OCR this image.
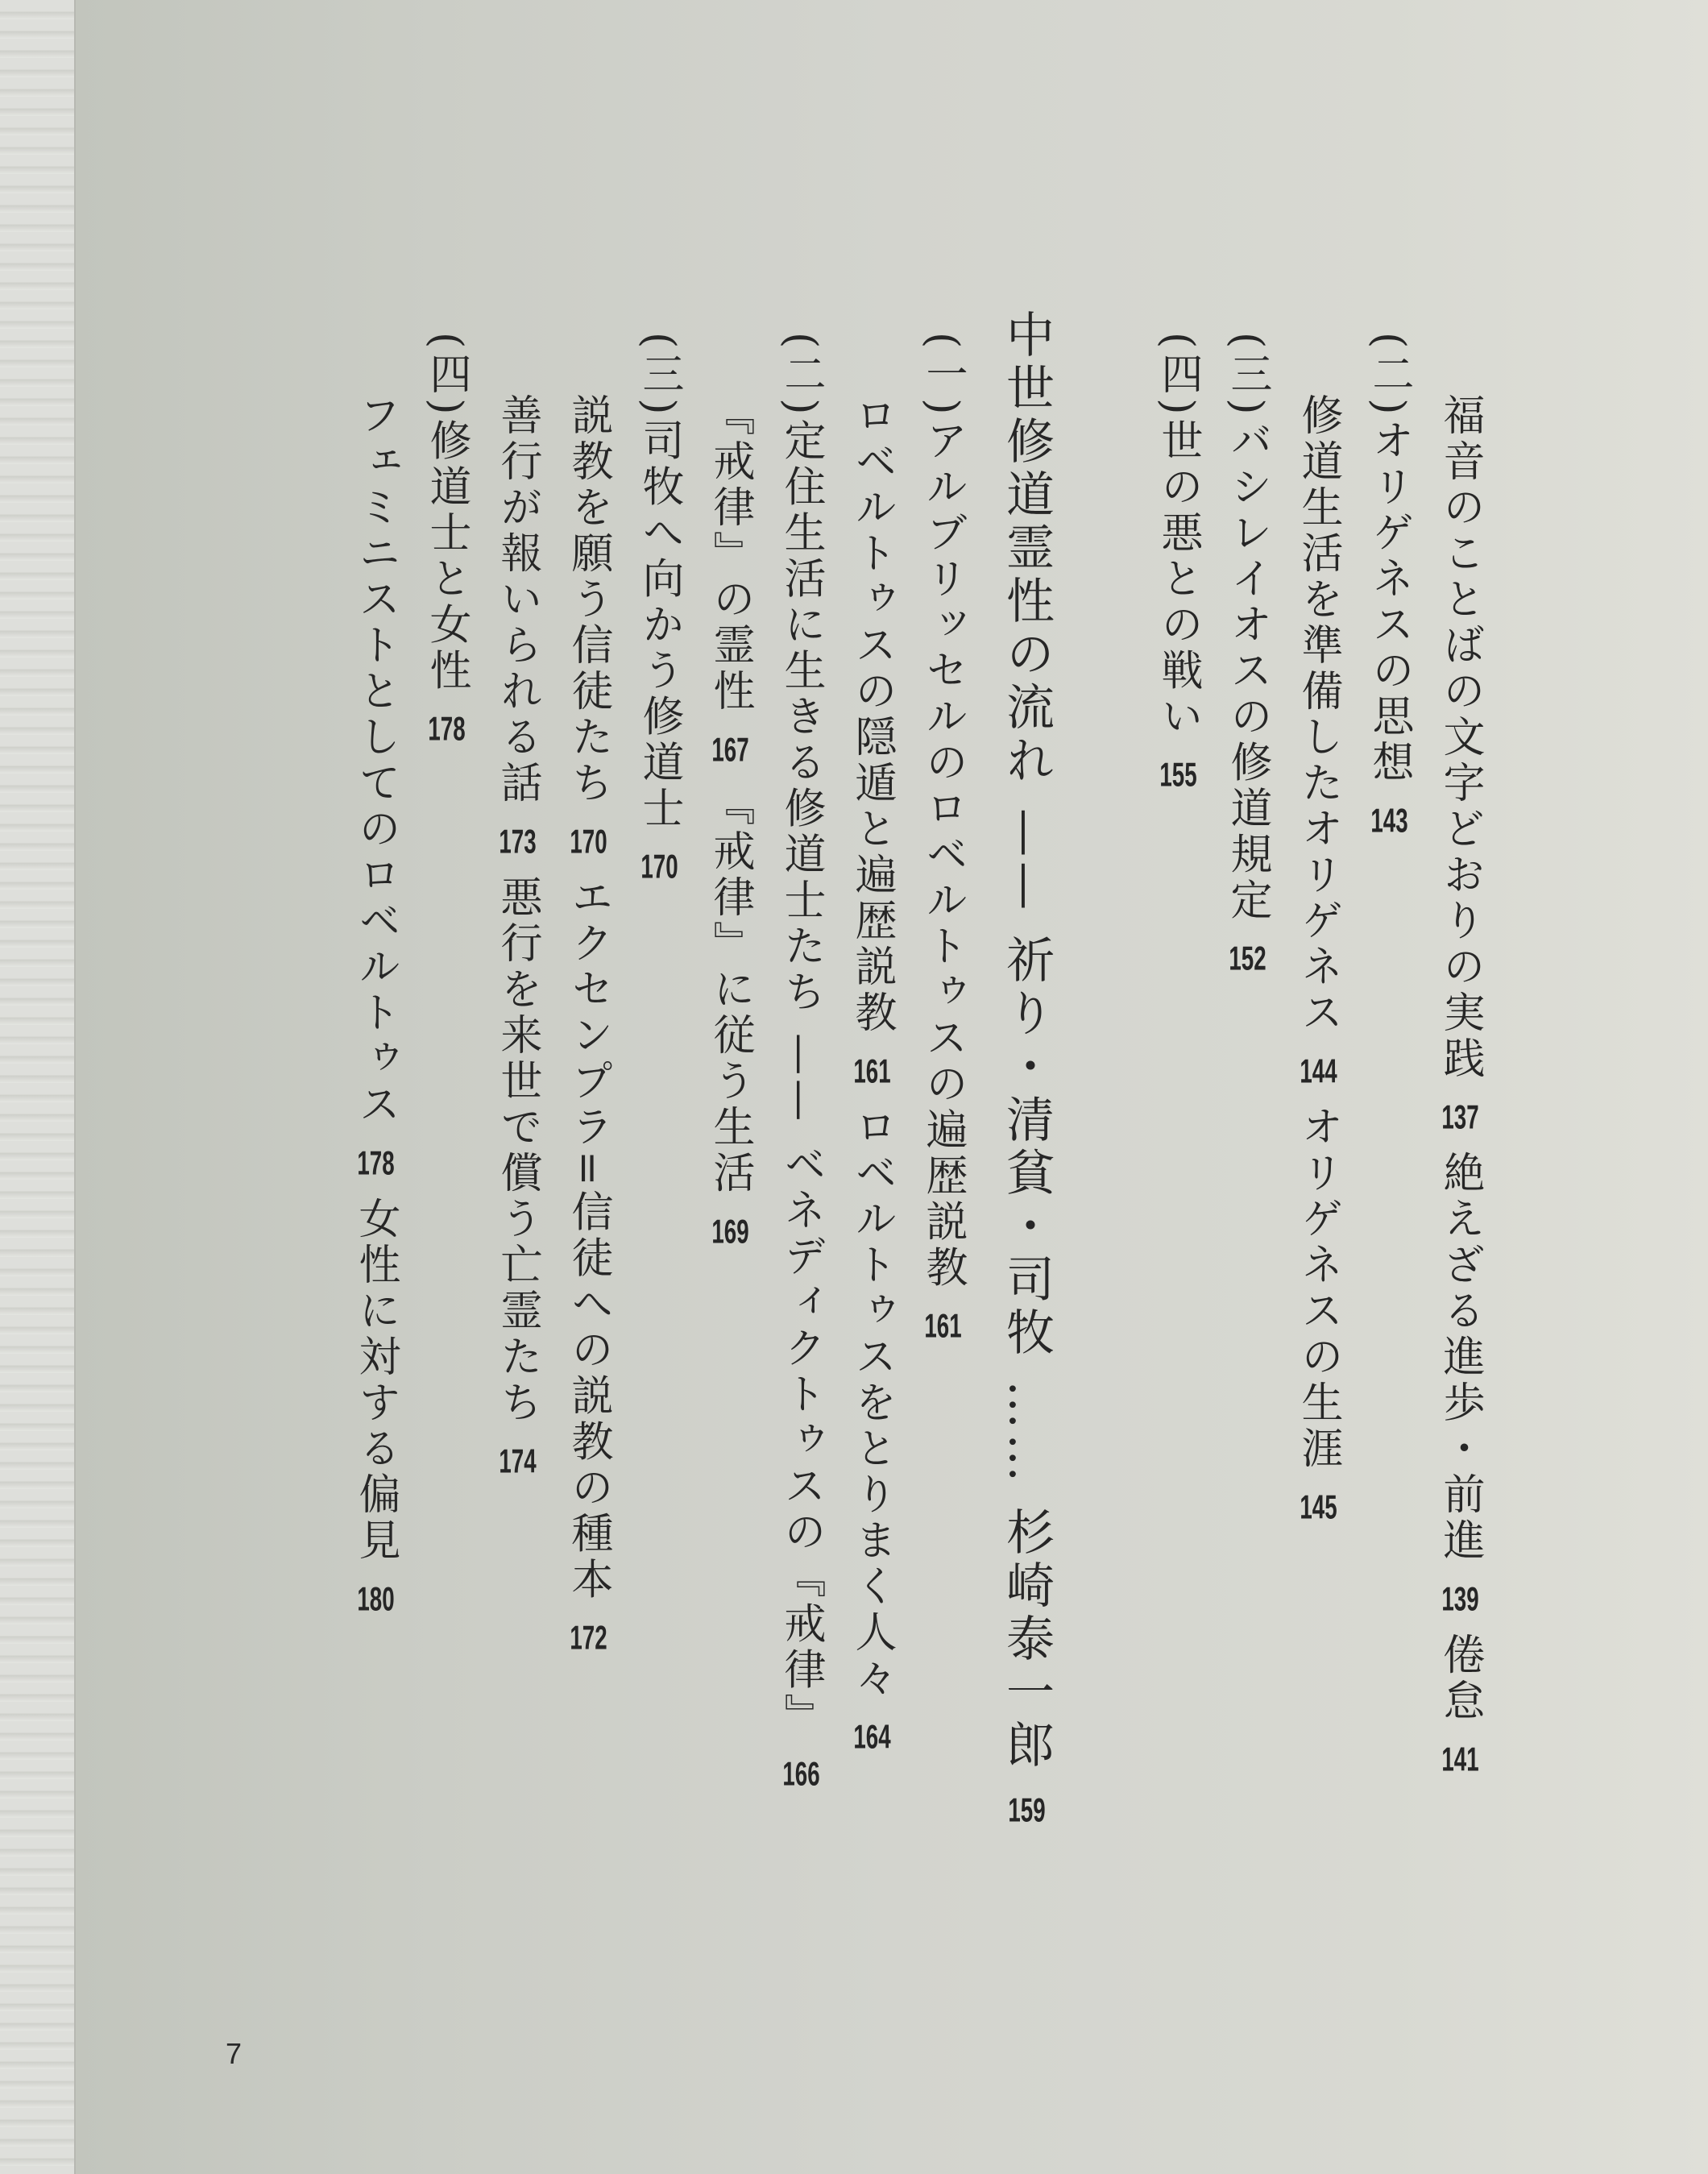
福音のことばの文字どおりの実践 137 絶えざる進歩・前進 139 倦怠 141
(二)オリゲネスの思想 143
修道生活を準備したオリゲネス 144 オリゲネスの生涯 145
(三)バシレイオスの修道規定 152
(四)世の悪との戦い 155
中世修道霊性の流れ —— 祈り・清貧・司牧 …… 杉崎泰一郎 159
(一)アルブリッセルのロベルトゥスの遍歴説教 161
ロベルトゥスの隠遁と遍歴説教 161 ロベルトゥスをとりまく人々 164
(二)定住生活に生きる修道士たち —— ベネディクトゥスの『戒律』 166
『戒律』の霊性 167 『戒律』に従う生活 169
(三)司牧へ向かう修道士 170
説教を願う信徒たち 170 エクセンプラ=信徒への説教の種本 172
善行が報いられる話 173 悪行を来世で償う亡霊たち 174
(四)修道士と女性 178
フェミニストとしてのロベルトゥス 178 女性に対する偏見 180
7
